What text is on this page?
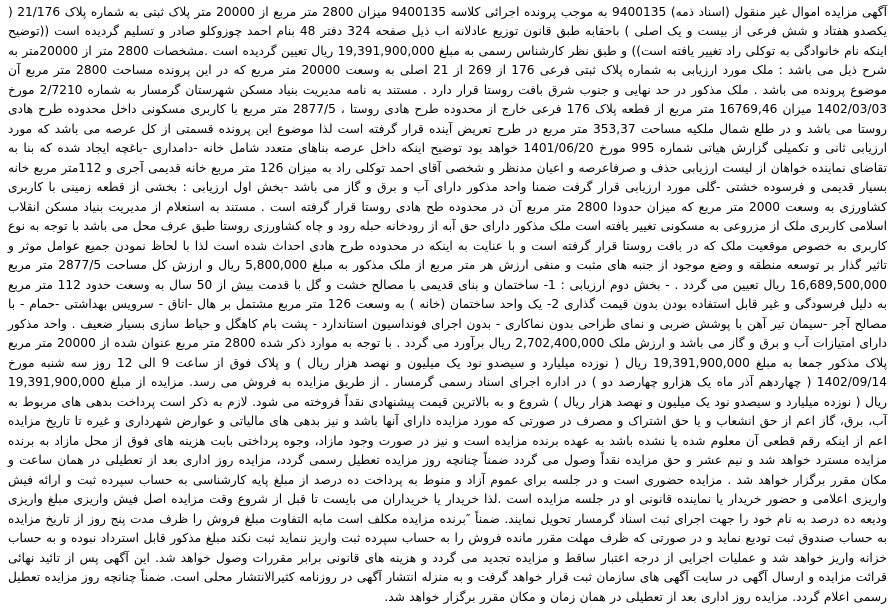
آگهی مزایده اموال غیر منقول (اسناد ذمه) 9400135 به موجب پرونده اجرائی کلاسه 9400135 میزان 2800 متر مربع از 20000 متر پلاک ثبتی به شماره پلاک 21/176 ( یکصدو هفتاد و شش فرعی از بیست و یک اصلی ) باحقابه طبق قانون توزیع عادلانه اب ذیل صفحه 324 دفتر 48 بنام احمد چوزوکلو صادر و تسلیم گردیده است ((توضیح اینکه نام خانوادگی به توکلی راد تغییر یافته است)) و طبق نظر کارشناس رسمی به مبلغ 19,391,900,000 ریال تعیین گردیده است .مشخصات 2800 متر از 20000متر به شرح ذیل می باشد : ملک مورد ارزیابی به شماره پلاک ثبتی فرعی 176 از 269 از 21 اصلی به وسعت 20000 متر مربع که در این پرونده مساحت 2800 متر مربع آن موضوع پرونده می باشد . ملک مذکور در حد نهایی و جنوب شرق بافت روستا قرار دارد . مستند به نامه مدیریت بنیاد مسکن شهرستان گرمسار به شماره 2/7210 مورخ 1402/03/03 میزان 16769,46 متر مربع از قطعه پلاک 176 فرعی خارج از محدوده طرح هادی روستا ، 2877/5 متر مربع با کاربری مسکونی داخل محدوده طرح هادی روستا می باشد و در طلع شمال ملکیه مساحت 353,37 متر مربع در طرح تعریض آینده قرار گرفته است لذا موضوع این پرونده قسمتی از کل عرصه می باشد که مورد ارزیابی ثانی و تکمیلی گزارش هیاتی شماره 995 مورخ 1401/06/20 خواهد بود توضیح اینکه داخل عرصه بناهای متعدد شامل خانه -دامداری -باغچه ایجاد شده که بنا به تقاضای نماینده خواهان از لیست ارزیابی حذف و صرفاعرصه و اعیان مدنظر و شخصی آقای احمد توکلی راد به میزان 126 متر مربع خانه قدیمی آجری و 112متر مربع خانه بسیار قدیمی و فرسوده خشتی -گلی مورد ارزیابی قرار گرفت ضمنا واحد مذکور دارای آب و برق و گاز می باشد -بخش اول ارزیابی : بخشی از قطعه زمینی با کاربری کشاورزی به وسعت 2000 متر مربع که میزان حدودا 2800 متر مربع آن در محدوده طح هادی روستا قرار گرفته است . مستند به استعلام از مدیریت بنیاد مسکن انقلاب اسلامی کاربری ملک از مزروعی به مسکونی تغییر یافته است ملک مذکور دارای حق آبه از رودخانه حبله رود و چاه کشاورزی روستا طبق عرف محل می باشد با توجه به نوع کاربری به خصوص موقعیت ملک که در بافت روستا قرار گرفته است و با عنایت به اینکه در محدوده طرح هادی احداث شده است لذا با لحاظ نمودن جمیع عوامل موثر و تاثیر گذار بر توسعه منطقه و وضع موجود از جنبه های مثبت و منفی ارزش هر متر مربع از ملک مذکور به مبلغ 5,800,000 ریال و ارزش کل مساحت 2877/5 متر مربع 16,689,500,000 ریال تعیین می گردد . - بخش دوم ارزیابی : 1- ساختمان و بنای قدیمی با مصالح خشت و گل با قدمت بیش از 50 سال به وسعت حدود 112 متر مربع به دلیل فرسودگی و غیر قابل استفاده بودن بدون قیمت گذاری 2- یک واحد ساختمان (خانه ) به وسعت 126 متر مربع مشتمل بر هال -اتاق - سرویس بهداشتی -حمام - با مصالح آجر -سیمان تیر آهن با پوشش ضربی و نمای طراحی بدون نماکاری - بدون اجرای فونداسیون استاندارد - پشت بام کاهگل و حیاط سازی بسیار ضعیف . واحد مذکور دارای امتیازات آب و برق و گاز می باشد و ارزش ملک 2,702,400,000 ریال برآورد می گردد . با توجه به موارد ذکر شده 2800 متر مربع عنوان شده از 20000 متر مربع پلاک مذکور جمعا به مبلغ 19,391,900,000 ریال ( نوزده میلیارد و سیصدو نود یک میلیون و نهصد هزار ریال ) و پلاک فوق از ساعت 9 الی 12 روز سه شنبه مورخ 1402/09/14 ( چهاردهم آذر ماه یک هزارو چهارصد دو ) در اداره اجرای اسناد رسمی گرمسار . از طریق مزایده به فروش می رسد. مزایده از مبلغ 19,391,900,000 ریال ( نوزده میلیارد و سیصدو نود یک میلیون و نهصد هزار ریال ) شروع و به بالاترین قیمت پیشنهادی نقداً فروخته می شود. لازم به ذکر است پرداخت بدهی های مربوط به آب، برق، گاز اعم از حق انشعاب و یا حق اشتراک و مصرف در صورتی که مورد مزایده دارای آنها باشد و نیز بدهی های مالیاتی و عوارض شهرداری و غیره تا تاریخ مزایده اعم از اینکه رقم قطعی آن معلوم شده یا نشده باشد به عهده برنده مزایده است و نیز در صورت وجود مازاد، وجوه پرداختی بابت هزینه های فوق از محل مازاد به برنده مزایده مسترد خواهد شد و نیم عشر و حق مزایده نقداً وصول می گردد ضمناً چنانچه روز مزایده تعطیل رسمی گردد، مزایده روز اداری بعد از تعطیلی در همان ساعت و مکان مقرر برگزار خواهد شد . مزایده حضوری است و در جلسه برای عموم آزاد و منوط به پرداخت ده درصد از مبلغ پایه کارشناسی به حساب سپرده ثبت و ارائه فیش واریزی اعلامی و حضور خریدار یا نماینده قانونی او در جلسه مزایده است .لذا خریدار یا خریداران می بایست تا قبل از شروع وقت مزایده اصل فیش واریزی مبلغ واریزی ودیعه ده درصد به نام خود را جهت اجرای ثبت اسناد گرمسار تحویل نمایند. ضمناً ″برنده مزایده مکلف است مابه التفاوت مبلغ فروش را ظرف مدت پنج روز از تاریخ مزایده به حساب صندوق ثبت تودیع نماید و در صورتی که ظرف مهلت مقرر مانده فروش را به حساب سپرده ثبت واریز ننماید ثبت نکند مبلغ مذکور قابل استرداد نبوده و به حساب خزانه واریز خواهد شد و عملیات اجرایی از درجه اعتبار ساقط و مزایده تجدید می گردد و هزینه های قانونی برابر مقررات وصول خواهد شد. این آگهی پس از تائید نهائی قرائت مزایده و ارسال آگهی در سایت آگهی های سازمان ثبت قرار خواهد گرفت و به منزله انتشار آگهی در روزنامه کثیرالانتشار محلی است. ضمناً چنانچه روز مزایده تعطیل رسمی اعلام گردد. مزایده روز اداری بعد از تعطیلی در همان زمان و مکان مقرر برگزار خواهد شد.
